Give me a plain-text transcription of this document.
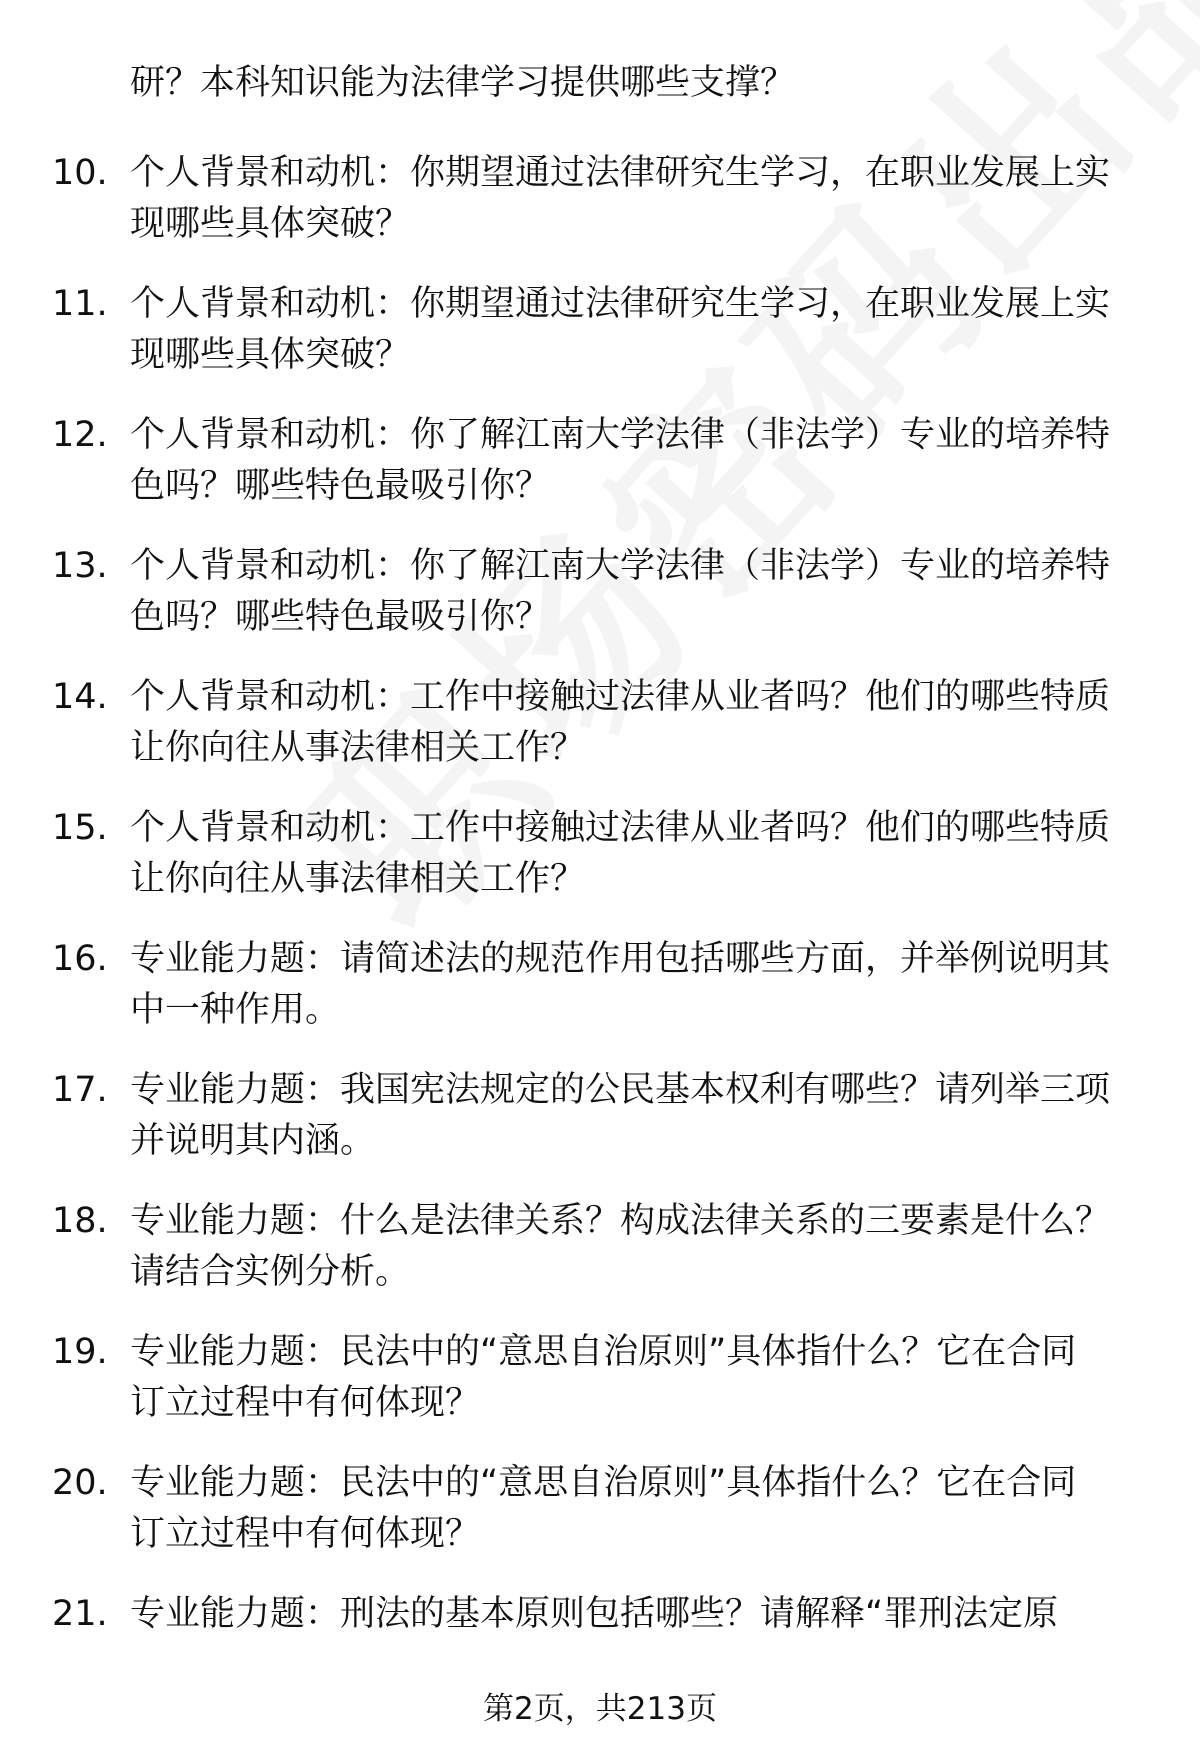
研？本科知识能为法律学习提供哪些支撑？
10. 个人背景和动机：你期望通过法律研究生学习，在职业发展上实
现哪些具体突破？
11. 个人背景和动机：你期望通过法律研究生学习，在职业发展上实
现哪些具体突破？
12. 个人背景和动机：你了解江南大学法律（非法学）专业的培养特
色吗？哪些特色最吸引你？
13. 个人背景和动机：你了解江南大学法律（非法学）专业的培养特
色吗？哪些特色最吸引你？
14. 个人背景和动机：工作中接触过法律从业者吗？他们的哪些特质
让你向往从事法律相关工作？
15. 个人背景和动机：工作中接触过法律从业者吗？他们的哪些特质
让你向往从事法律相关工作？
16. 专业能力题：请简述法的规范作用包括哪些方面，并举例说明其
中一种作用。
17. 专业能力题：我国宪法规定的公民基本权利有哪些？请列举三项
并说明其内涵。
18. 专业能力题：什么是法律关系？构成法律关系的三要素是什么？
请结合实例分析。
19. 专业能力题：民法中的“意思自治原则”具体指什么？它在合同
订立过程中有何体现？
20. 专业能力题：民法中的“意思自治原则”具体指什么？它在合同
订立过程中有何体现？
21. 专业能力题：刑法的基本原则包括哪些？请解释“罪刑法定原
第2页，共213页
